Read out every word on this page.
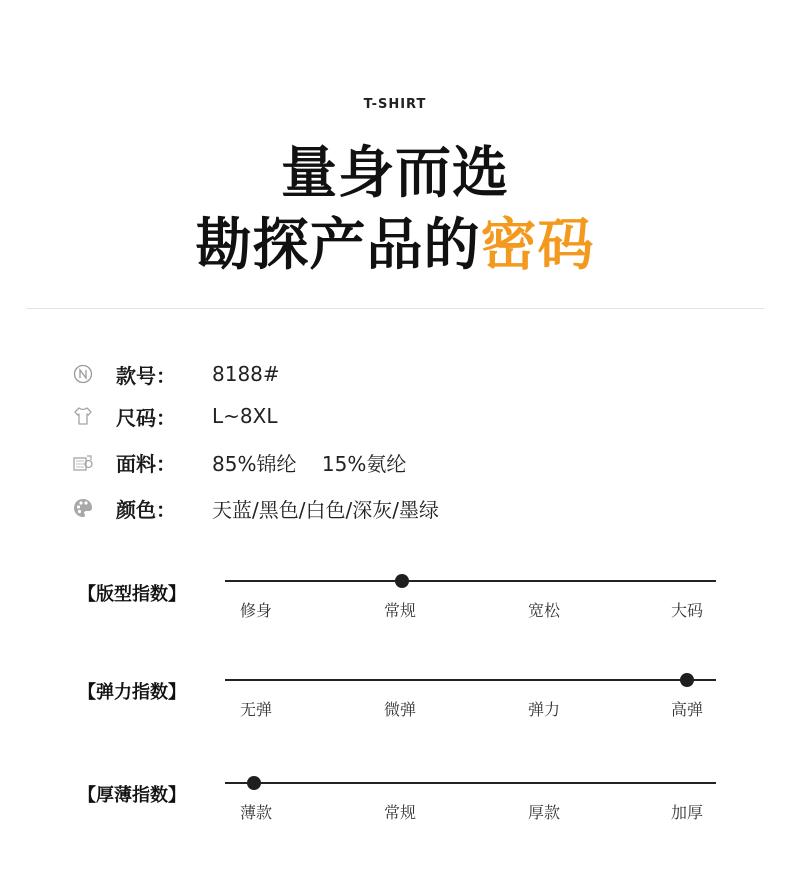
T-SHIRT
量身而选
勘探产品的密码
款号：	8188#
尺码：	L~8XL
面料：	85%锦纶    15%氨纶
颜色：	天蓝/黑色/白色/深灰/墨绿
【版型指数】
修身	常规	宽松	大码
【弹力指数】
无弹	微弹	弹力	高弹
【厚薄指数】
薄款	常规	厚款	加厚
